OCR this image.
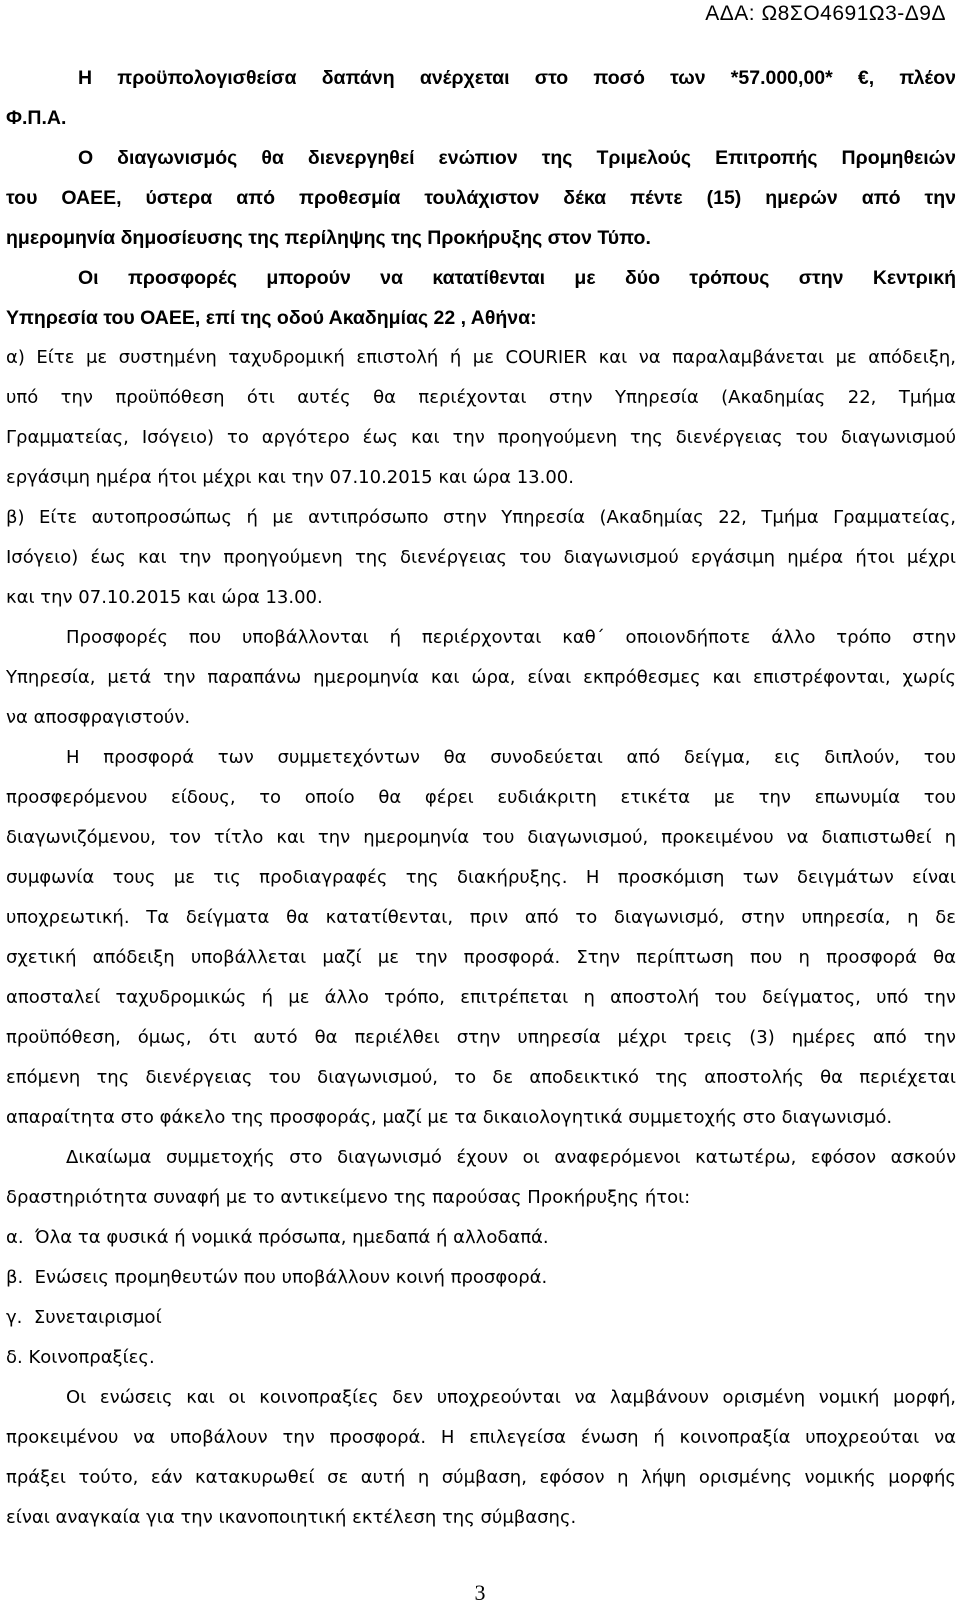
ΑΔΑ: Ω8ΣΟ4691Ω3-Δ9Δ

Η προϋπολογισθείσα δαπάνη ανέρχεται στο ποσό των *57.000,00* €, πλέον

Φ.Π.Α.

Ο διαγωνισμός θα διενεργηθεί ενώπιον της Τριμελούς Επιτροπής Προμηθειών

του ΟΑΕΕ, ύστερα από προθεσμία τουλάχιστον δέκα πέντε (15) ημερών από την

ημερομηνία δημοσίευσης της περίληψης της Προκήρυξης στον Τύπο.

Οι προσφορές μπορούν να κατατίθενται με δύο τρόπους στην Κεντρική

Υπηρεσία του ΟΑΕΕ, επί της οδού Ακαδημίας 22 , Αθήνα:

α) Είτε με συστημένη ταχυδρομική επιστολή ή με COURIER και να παραλαμβάνεται με απόδειξη,

υπό την προϋπόθεση ότι αυτές θα περιέχονται στην Υπηρεσία (Ακαδημίας 22, Τμήμα

Γραμματείας, Ισόγειο) το αργότερο έως και την προηγούμενη της διενέργειας του διαγωνισμού

εργάσιμη ημέρα ήτοι μέχρι και την 07.10.2015 και ώρα 13.00.

β) Είτε αυτοπροσώπως ή με αντιπρόσωπο στην Υπηρεσία (Ακαδημίας 22, Τμήμα Γραμματείας,

Ισόγειο) έως και την προηγούμενη της διενέργειας του διαγωνισμού εργάσιμη ημέρα ήτοι μέχρι

και την 07.10.2015 και ώρα 13.00.

Προσφορές που υποβάλλονται ή περιέρχονται καθ΄ οποιονδήποτε άλλο τρόπο στην

Υπηρεσία, μετά την παραπάνω ημερομηνία και ώρα, είναι εκπρόθεσμες και επιστρέφονται, χωρίς

να αποσφραγιστούν.

Η προσφορά των συμμετεχόντων θα συνοδεύεται από δείγμα, εις διπλούν, του

προσφερόμενου είδους, το οποίο θα φέρει ευδιάκριτη ετικέτα με την επωνυμία του

διαγωνιζόμενου, τον τίτλο και την ημερομηνία του διαγωνισμού, προκειμένου να διαπιστωθεί η

συμφωνία τους με τις προδιαγραφές της διακήρυξης. Η προσκόμιση των δειγμάτων είναι

υποχρεωτική. Τα δείγματα θα κατατίθενται, πριν από το διαγωνισμό, στην υπηρεσία, η δε

σχετική απόδειξη υποβάλλεται μαζί με την προσφορά. Στην περίπτωση που η προσφορά θα

αποσταλεί ταχυδρομικώς ή με άλλο τρόπο, επιτρέπεται η αποστολή του δείγματος, υπό την

προϋπόθεση, όμως, ότι αυτό θα περιέλθει στην υπηρεσία μέχρι τρεις (3) ημέρες από την

επόμενη της διενέργειας του διαγωνισμού, το δε αποδεικτικό της αποστολής θα περιέχεται

απαραίτητα στο φάκελο της προσφοράς, μαζί με τα δικαιολογητικά συμμετοχής στο διαγωνισμό.

Δικαίωμα συμμετοχής στο διαγωνισμό έχουν οι αναφερόμενοι κατωτέρω, εφόσον ασκούν

δραστηριότητα συναφή με το αντικείμενο της παρούσας Προκήρυξης ήτοι:

α.  Όλα τα φυσικά ή νομικά πρόσωπα, ημεδαπά ή αλλοδαπά.

β.  Ενώσεις προμηθευτών που υποβάλλουν κοινή προσφορά.

γ.  Συνεταιρισμοί

δ. Κοινοπραξίες.

Οι ενώσεις και οι κοινοπραξίες δεν υποχρεούνται να λαμβάνουν ορισμένη νομική μορφή,

προκειμένου να υποβάλουν την προσφορά. Η επιλεγείσα ένωση ή κοινοπραξία υποχρεούται να

πράξει τούτο, εάν κατακυρωθεί σε αυτή η σύμβαση, εφόσον η λήψη ορισμένης νομικής μορφής

είναι αναγκαία για την ικανοποιητική εκτέλεση της σύμβασης.

3
